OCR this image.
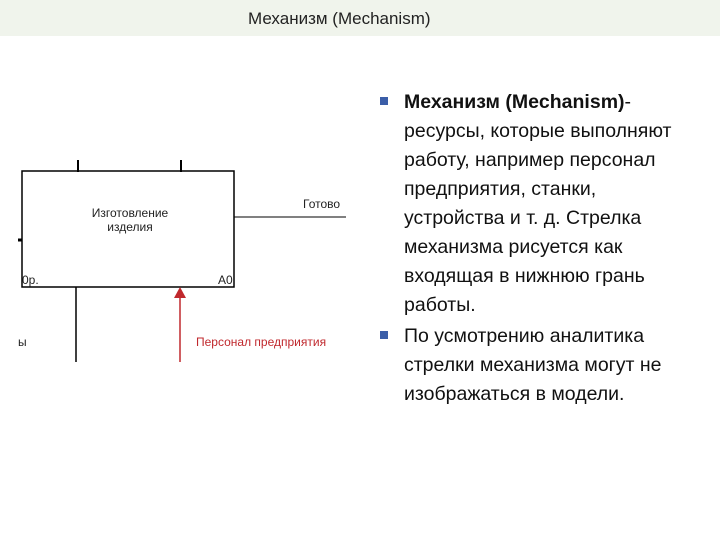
Механизм (Mechanism)
Изготовление
изделия
0р.	A0
Готово
ы	Персонал предприятия
Механизм (Mechanism)- ресурсы, которые выполняют работу, например персонал предприятия, станки, устройства и т. д. Стрелка механизма рисуется как входящая в нижнюю грань работы.
По усмотрению аналитика стрелки механизма могут не изображаться в модели.
